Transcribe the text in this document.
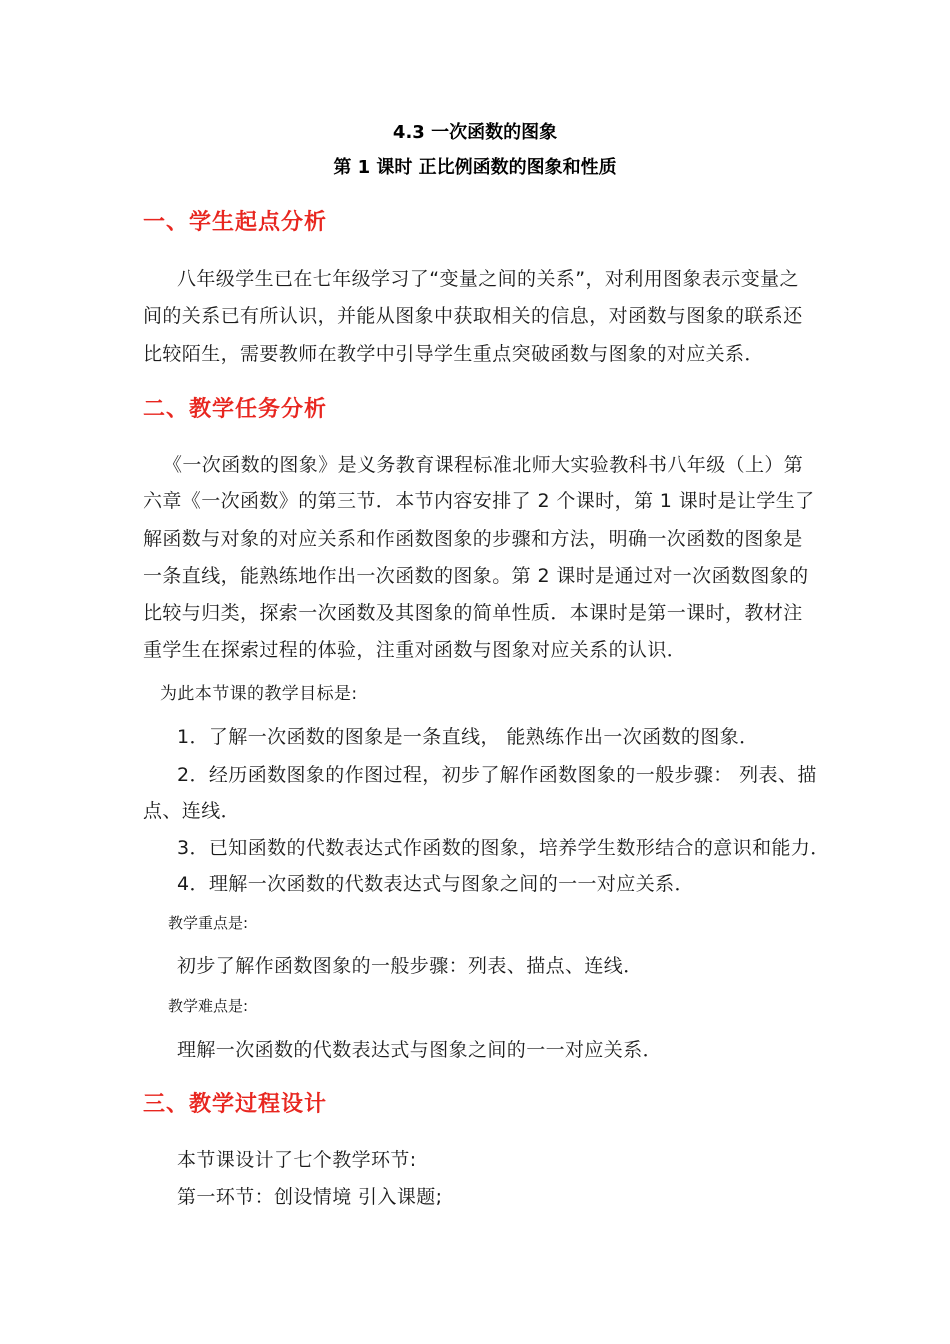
4.3 一次函数的图象
第 1 课时 正比例函数的图象和性质
一、学生起点分析
八年级学生已在七年级学习了“变量之间的关系”，对利用图象表示变量之
间的关系已有所认识，并能从图象中获取相关的信息，对函数与图象的联系还
比较陌生，需要教师在教学中引导学生重点突破函数与图象的对应关系．
二、教学任务分析
《一次函数的图象》是义务教育课程标准北师大实验教科书八年级（上）第
六章《一次函数》的第三节．本节内容安排了 2 个课时，第 1 课时是让学生了
解函数与对象的对应关系和作函数图象的步骤和方法，明确一次函数的图象是
一条直线，能熟练地作出一次函数的图象。第 2 课时是通过对一次函数图象的
比较与归类，探索一次函数及其图象的简单性质．本课时是第一课时，教材注
重学生在探索过程的体验，注重对函数与图象对应关系的认识．
为此本节课的教学目标是:
1．了解一次函数的图象是一条直线， 能熟练作出一次函数的图象．
2．经历函数图象的作图过程，初步了解作函数图象的一般步骤： 列表、描
点、连线．
3．已知函数的代数表达式作函数的图象，培养学生数形结合的意识和能力．
4．理解一次函数的代数表达式与图象之间的一一对应关系．
教学重点是:
初步了解作函数图象的一般步骤：列表、描点、连线．
教学难点是:
理解一次函数的代数表达式与图象之间的一一对应关系．
三、教学过程设计
本节课设计了七个教学环节:
第一环节：创设情境 引入课题;
